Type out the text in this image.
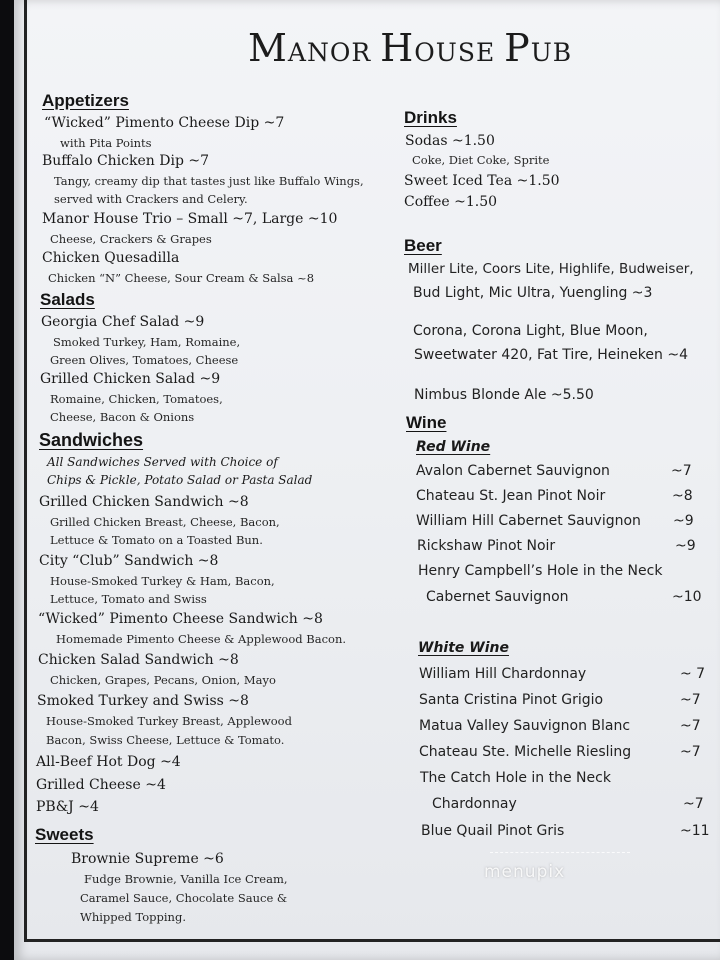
MANOR HOUSE PUB
Appetizers
“Wicked” Pimento Cheese Dip ~7
with Pita Points
Buffalo Chicken Dip ~7
Tangy, creamy dip that tastes just like Buffalo Wings,
served with Crackers and Celery.
Manor House Trio – Small ~7, Large ~10
Cheese, Crackers & Grapes
Chicken Quesadilla
Chicken “N” Cheese, Sour Cream & Salsa ~8
Salads
Georgia Chef Salad ~9
Smoked Turkey, Ham, Romaine,
Green Olives, Tomatoes, Cheese
Grilled Chicken Salad ~9
Romaine, Chicken, Tomatoes,
Cheese, Bacon & Onions
Sandwiches
All Sandwiches Served with Choice of
Chips & Pickle, Potato Salad or Pasta Salad
Grilled Chicken Sandwich ~8
Grilled Chicken Breast, Cheese, Bacon,
Lettuce & Tomato on a Toasted Bun.
City “Club” Sandwich ~8
House-Smoked Turkey & Ham, Bacon,
Lettuce, Tomato and Swiss
“Wicked” Pimento Cheese Sandwich ~8
Homemade Pimento Cheese & Applewood Bacon.
Chicken Salad Sandwich ~8
Chicken, Grapes, Pecans, Onion, Mayo
Smoked Turkey and Swiss ~8
House-Smoked Turkey Breast, Applewood
Bacon, Swiss Cheese, Lettuce & Tomato.
All-Beef Hot Dog ~4
Grilled Cheese ~4
PB&J ~4
Sweets
Brownie Supreme ~6
Fudge Brownie, Vanilla Ice Cream,
Caramel Sauce, Chocolate Sauce &
Whipped Topping.
Drinks
Sodas ~1.50
Coke, Diet Coke, Sprite
Sweet Iced Tea ~1.50
Coffee ~1.50
Beer
Miller Lite, Coors Lite, Highlife, Budweiser,
Bud Light, Mic Ultra, Yuengling ~3
Corona, Corona Light, Blue Moon,
Sweetwater 420, Fat Tire, Heineken ~4
Nimbus Blonde Ale ~5.50
Wine
Red Wine
Avalon Cabernet Sauvignon	~7
Chateau St. Jean Pinot Noir	~8
William Hill Cabernet Sauvignon ~9
Rickshaw Pinot Noir	~9
Henry Campbell’s Hole in the Neck
Cabernet Sauvignon	~10
White Wine
William Hill Chardonnay	~ 7
Santa Cristina Pinot Grigio	~7
Matua Valley Sauvignon Blanc	~7
Chateau Ste. Michelle Riesling	~7
The Catch Hole in the Neck
Chardonnay	~7
Blue Quail Pinot Gris	~11
menupix
